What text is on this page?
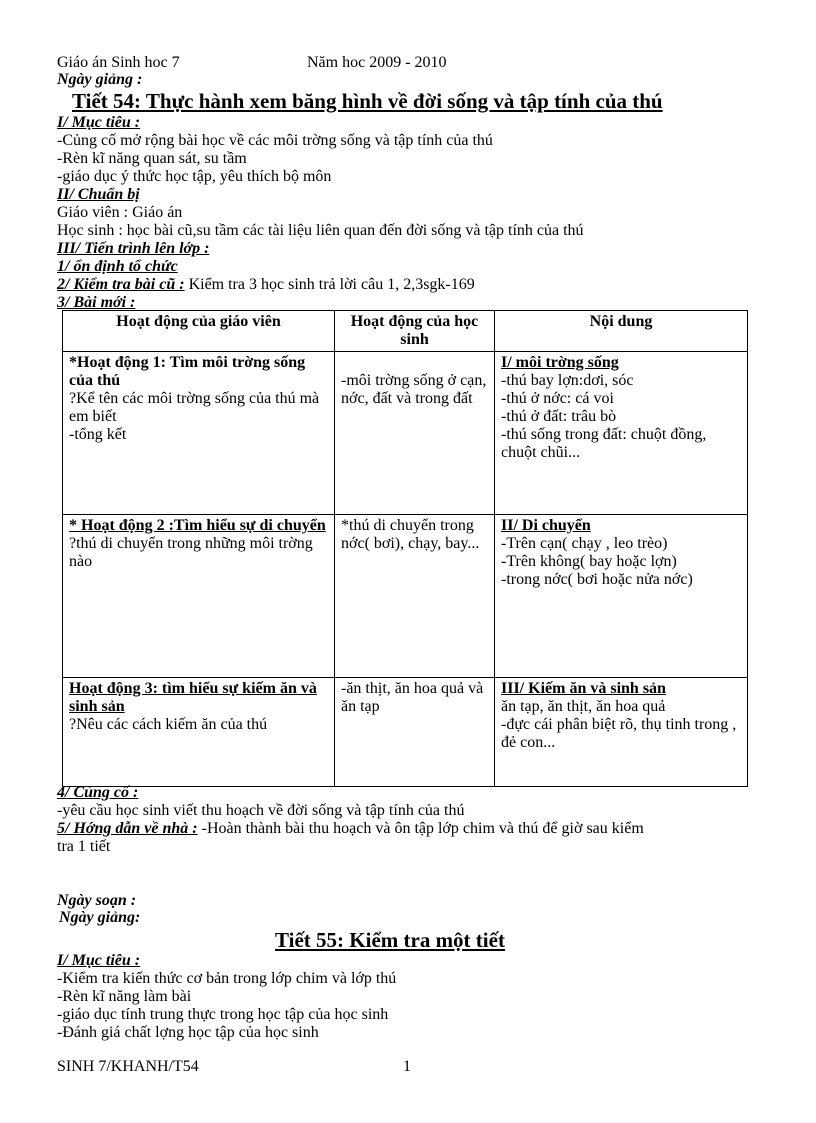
Giáo án Sinh hoc 7	Năm hoc 2009 - 2010
Ngày giảng :
Tiết 54: Thực hành xem băng hình về đời sống và tập tính của thú
I/ Mục tiêu :
-Củng cố mở rộng bài học về các môi trờng sống và tập tính của thú
-Rèn kĩ năng quan sát, su tầm
-giáo dục ý thức học tập, yêu thích bộ môn
II/ Chuẩn bị
Giáo viên : Giáo án
Học sinh : học bài cũ,su tầm các tài liệu liên quan đến đời sống và tập tính của thú
III/ Tiến trình lên lớp :
1/ ổn định tổ chức
2/ Kiểm tra bài cũ : Kiểm tra 3 học sinh trả lời câu 1, 2,3sgk-169
3/ Bài mới :
Hoạt động của giáo viên	Hoạt động của học sinh	Nội dung

*Hoạt động 1: Tìm môi trờng sống của thú
?Kể tên các môi trờng sống của thú mà em biết
-tổng kết	-môi trờng sống ở cạn, nớc, đất và trong đất	I/ môi trờng sống
-thú bay lợn:dơi, sóc
-thú ở nớc: cá voi
-thú ở đất: trâu bò
-thú sống trong đất: chuột đồng, chuột chũi...

* Hoạt động 2 :Tìm hiểu sự di chuyển
?thú di chuyển trong những môi trờng nào	*thú di chuyển trong nớc( bơi), chạy, bay...	II/ Di chuyển
-Trên cạn( chạy , leo trèo)
-Trên không( bay hoặc lợn)
-trong nớc( bơi hoặc nửa nớc)

Hoạt động 3: tìm hiểu sự kiếm ăn và sinh sản
?Nêu các cách kiếm ăn của thú	-ăn thịt, ăn hoa quả và ăn tạp	III/ Kiếm ăn và sinh sản
ăn tạp, ăn thịt, ăn hoa quả
-đực cái phân biệt rõ, thụ tinh trong , đẻ con...
4/ Củng cố :
-yêu cầu học sinh viết thu hoạch về đời sống và tập tính của thú
5/ Hớng dẫn về nhà : -Hoàn thành bài thu hoạch và ôn tập lớp chim và thú để giờ sau kiểm
tra 1 tiết
Ngày soạn :
Ngày giảng:
Tiết 55: Kiểm tra một tiết
I/ Mục tiêu :
-Kiểm tra kiến thức cơ bản trong lớp chim và lớp thú
-Rèn kĩ năng làm bài
-giáo dục tính trung thực trong học tập của học sinh
-Đánh giá chất lợng học tập của học sinh
SINH 7/KHANH/T54	1
